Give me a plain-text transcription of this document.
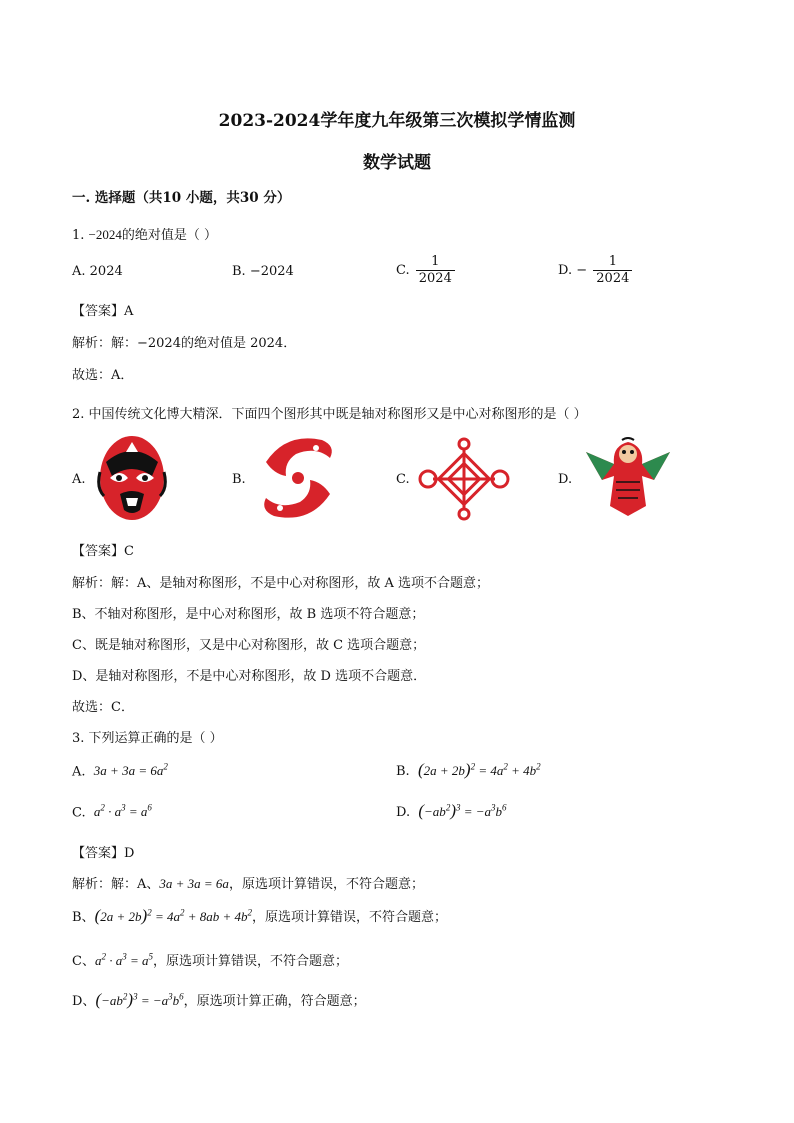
2023-2024学年度九年级第三次模拟学情监测
数学试题
一. 选择题（共10 小题，共30 分）
1. −2024的绝对值是（ ）
A. 2024	B. −2024	C. $\frac{1}{2024}$	D. − $\frac{1}{2024}$
【答案】A
解析：解：−2024的绝对值是 2024．
故选：A．
2. 中国传统文化博大精深．下面四个图形其中既是轴对称图形又是中心对称图形的是（ ）
A.	B.	C.	D.
【答案】C
解析：解：A、是轴对称图形，不是中心对称图形，故 A 选项不合题意；
B、不轴对称图形，是中心对称图形，故 B 选项不符合题意；
C、既是轴对称图形，又是中心对称图形，故 C 选项合题意；
D、是轴对称图形，不是中心对称图形，故 D 选项不合题意．
故选：C．
3. 下列运算正确的是（ ）
A.  $3a + 3a = 6a^2$	B.  $(2a + 2b)^2 = 4a^2 + 4b^2$
C.  $a^2 \cdot a^3 = a^6$	D.  $(-ab^2)^3 = -a^3b^6$
【答案】D
解析：解：A、3a + 3a = 6a，原选项计算错误，不符合题意；
B、$(2a + 2b)^2 = 4a^2 + 8ab + 4b^2$，原选项计算错误，不符合题意；
C、$a^2 \cdot a^3 = a^5$，原选项计算错误，不符合题意；
D、$(-ab^2)^3 = -a^3b^6$，原选项计算正确，符合题意；
